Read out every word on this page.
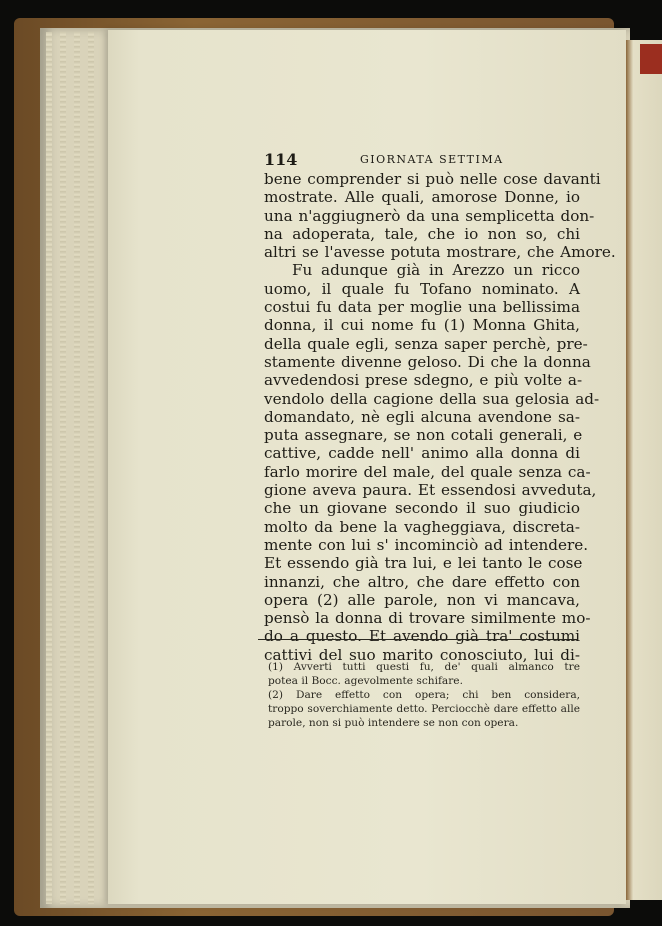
114	GIORNATA SETTIMA
bene comprender si può nelle cose davanti
mostrate. Alle quali, amorose Donne, io
una n'aggiugnerò da una semplicetta don-
na adoperata, tale, che io non so, chi
altri se l'avesse potuta mostrare, che Amore.
Fu adunque già in Arezzo un ricco
uomo, il quale fu Tofano nominato. A
costui fu data per moglie una bellissima
donna, il cui nome fu (1) Monna Ghita,
della quale egli, senza saper perchè, pre-
stamente divenne geloso. Di che la donna
avvedendosi prese sdegno, e più volte a-
vendolo della cagione della sua gelosia ad-
domandato, nè egli alcuna avendone sa-
puta assegnare, se non cotali generali, e
cattive, cadde nell' animo alla donna di
farlo morire del male, del quale senza ca-
gione aveva paura. Et essendosi avveduta,
che un giovane secondo il suo giudicio
molto da bene la vagheggiava, discreta-
mente con lui s' incominciò ad intendere.
Et essendo già tra lui, e lei tanto le cose
innanzi, che altro, che dare effetto con
opera (2) alle parole, non vi mancava,
pensò la donna di trovare similmente mo-
do a questo. Et avendo già tra' costumi
cattivi del suo marito conosciuto, lui di-
(1) Avverti tutti questi fu, de' quali almanco tre
potea il Bocc. agevolmente schifare.
(2) Dare effetto con opera; chi ben considera,
troppo soverchiamente detto. Perciocchè dare effetto alle
parole, non si può intendere se non con opera.
